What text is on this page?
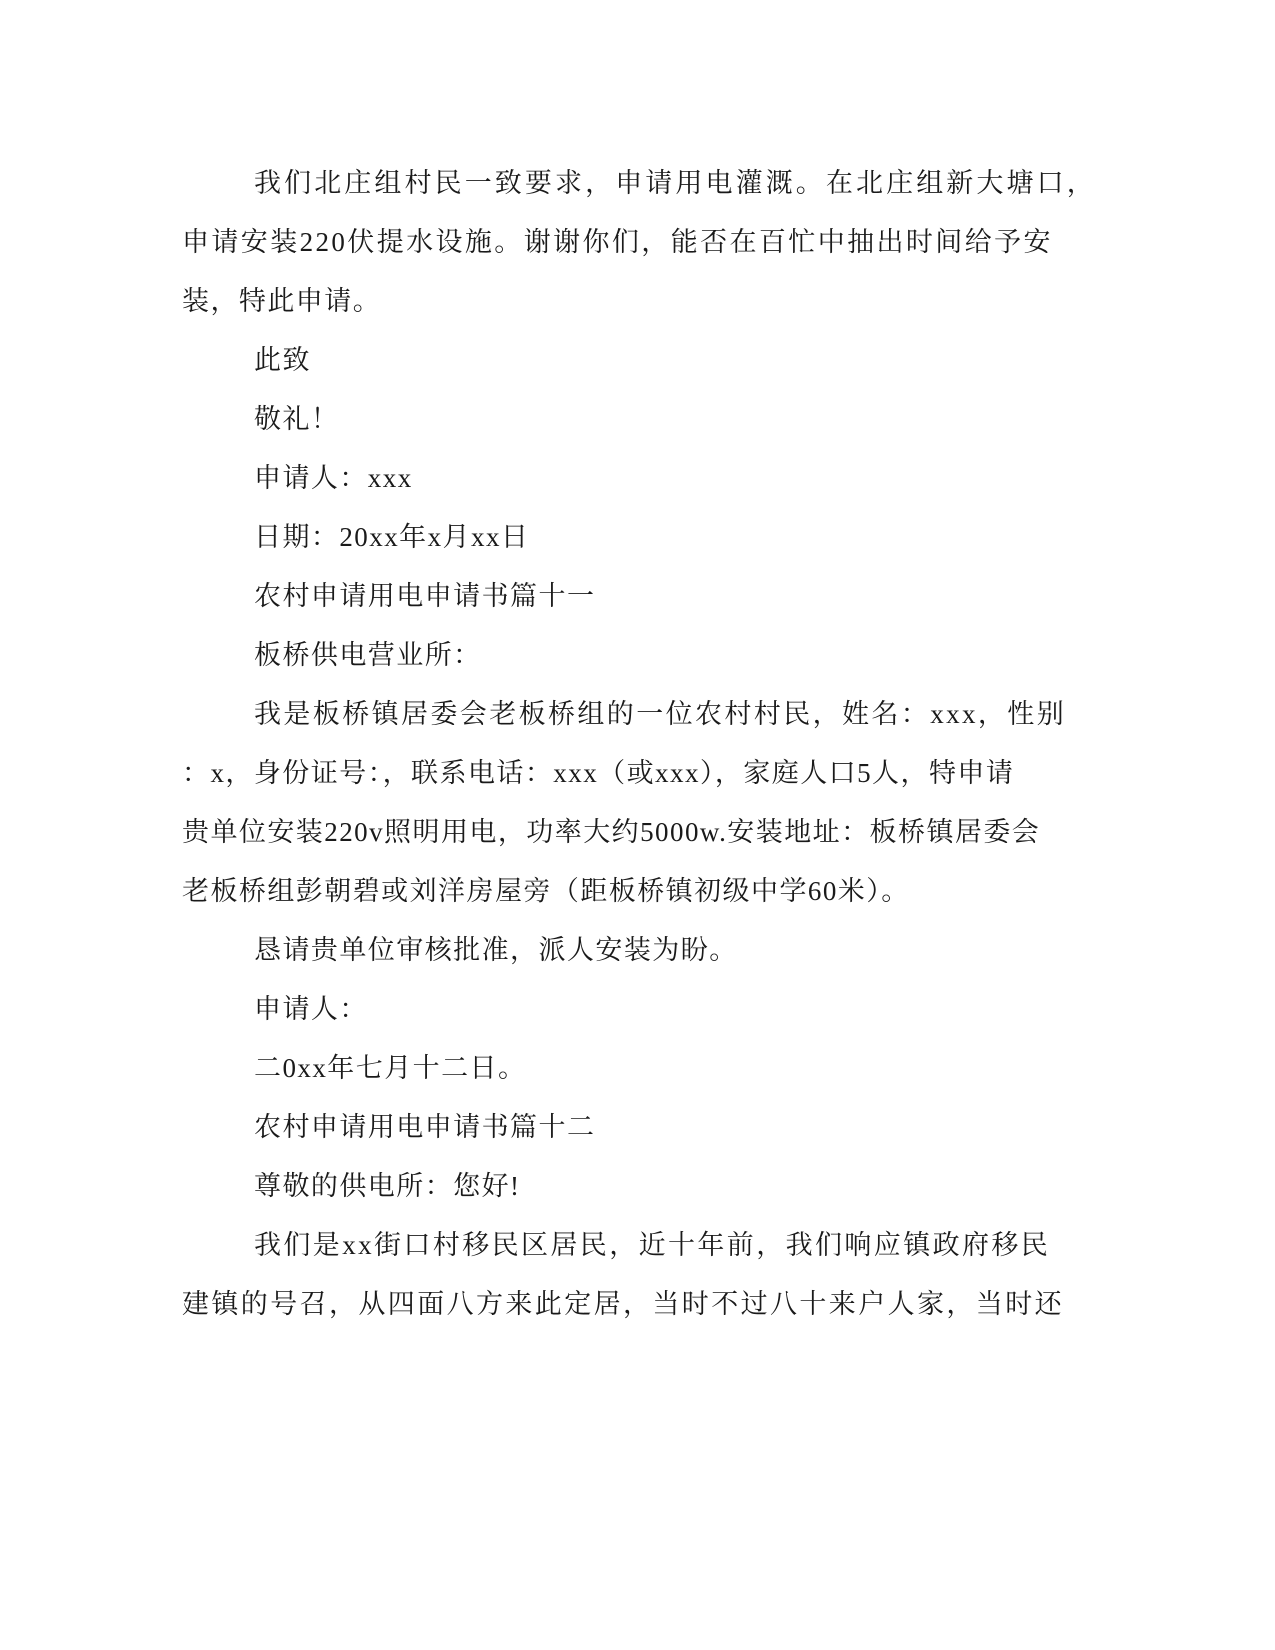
我们北庄组村民一致要求，申请用电灌溉。在北庄组新大塘口，
申请安装220伏提水设施。谢谢你们，能否在百忙中抽出时间给予安
装，特此申请。
此致
敬礼！
申请人：xxx
日期：20xx年x月xx日
农村申请用电申请书篇十一
板桥供电营业所：
我是板桥镇居委会老板桥组的一位农村村民，姓名：xxx，性别
：x，身份证号：，联系电话：xxx（或xxx），家庭人口5人，特申请
贵单位安装220v照明用电，功率大约5000w.安装地址：板桥镇居委会
老板桥组彭朝碧或刘洋房屋旁（距板桥镇初级中学60米）。
恳请贵单位审核批准，派人安装为盼。
申请人：
二0xx年七月十二日。
农村申请用电申请书篇十二
尊敬的供电所：您好!
我们是xx街口村移民区居民，近十年前，我们响应镇政府移民
建镇的号召，从四面八方来此定居，当时不过八十来户人家，当时还
